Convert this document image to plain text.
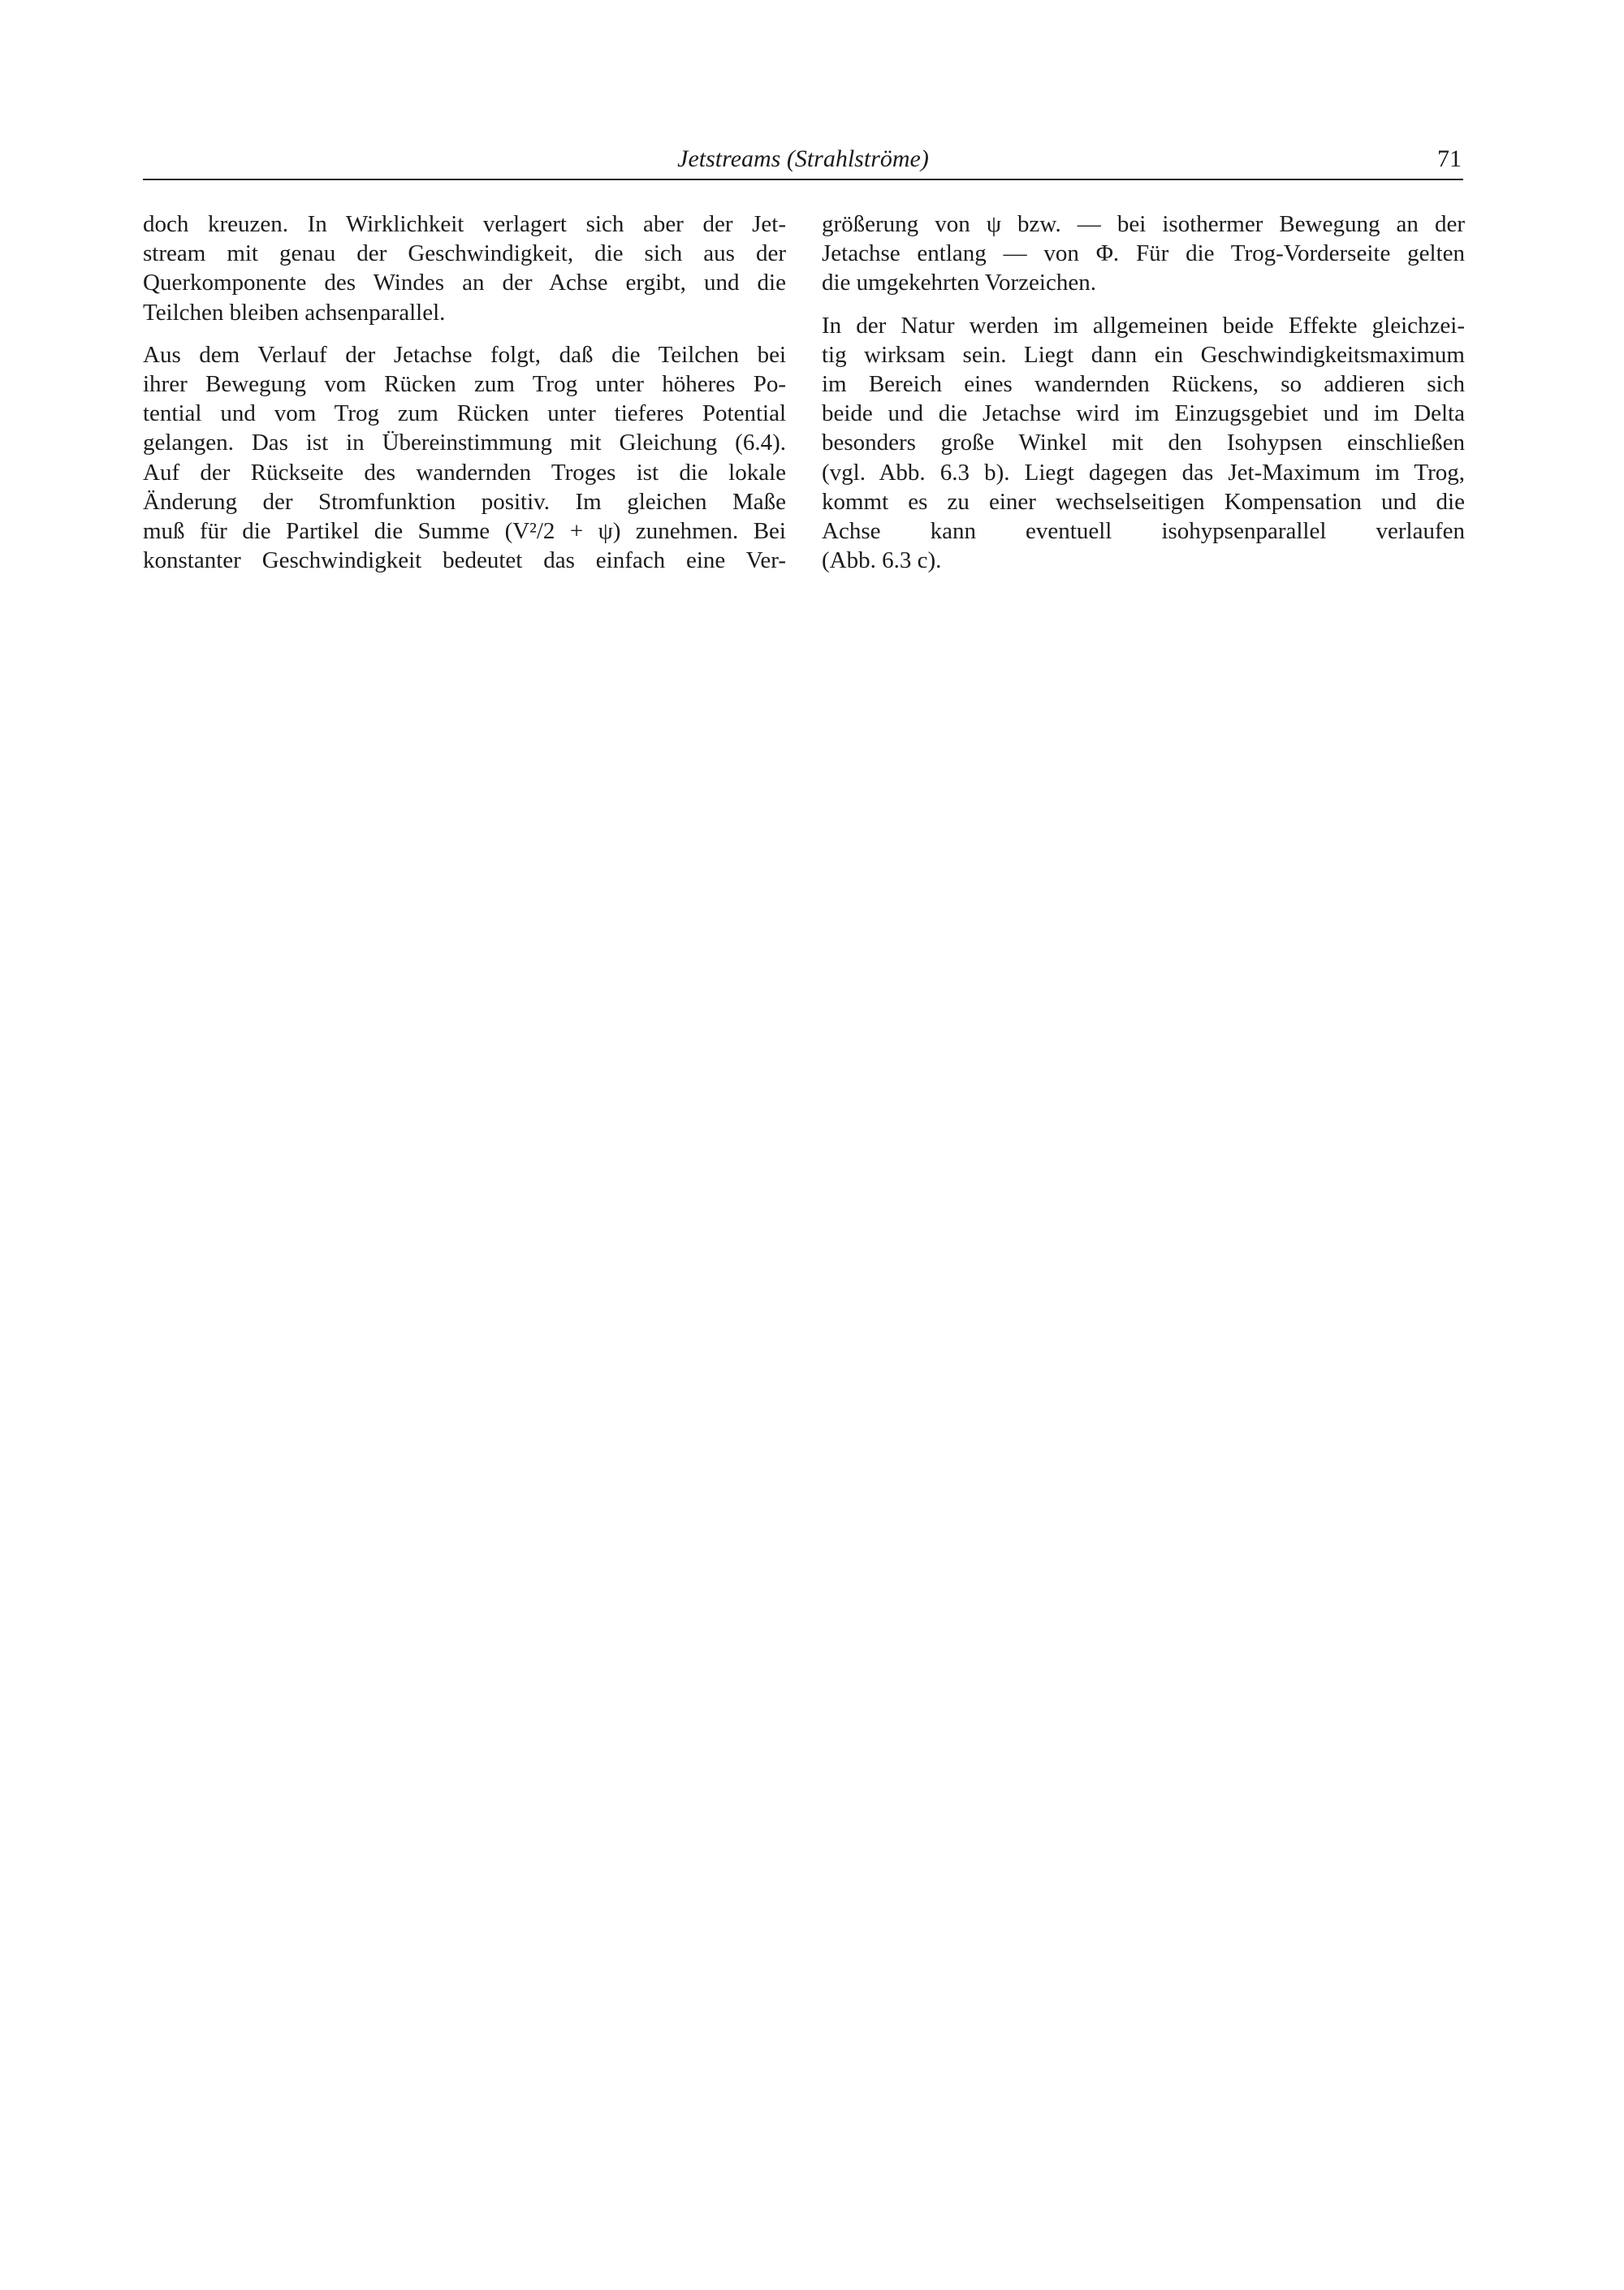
Jetstreams (Strahlströme)	71

doch kreuzen. In Wirklichkeit verlagert sich aber der Jet-
stream mit genau der Geschwindigkeit, die sich aus der
Querkomponente des Windes an der Achse ergibt, und die
Teilchen bleiben achsenparallel.

Aus dem Verlauf der Jetachse folgt, daß die Teilchen bei
ihrer Bewegung vom Rücken zum Trog unter höheres Po-
tential und vom Trog zum Rücken unter tieferes Potential
gelangen. Das ist in Übereinstimmung mit Gleichung (6.4).
Auf der Rückseite des wandernden Troges ist die lokale
Änderung der Stromfunktion positiv. Im gleichen Maße
muß für die Partikel die Summe (V²/2 + ψ) zunehmen. Bei
konstanter Geschwindigkeit bedeutet das einfach eine Ver-

größerung von ψ bzw. — bei isothermer Bewegung an der
Jetachse entlang — von Φ. Für die Trog-Vorderseite gelten
die umgekehrten Vorzeichen.

In der Natur werden im allgemeinen beide Effekte gleichzei-
tig wirksam sein. Liegt dann ein Geschwindigkeitsmaximum
im Bereich eines wandernden Rückens, so addieren sich
beide und die Jetachse wird im Einzugsgebiet und im Delta
besonders große Winkel mit den Isohypsen einschließen
(vgl. Abb. 6.3 b). Liegt dagegen das Jet-Maximum im Trog,
kommt es zu einer wechselseitigen Kompensation und die
Achse kann eventuell isohypsenparallel verlaufen
(Abb. 6.3 c).
